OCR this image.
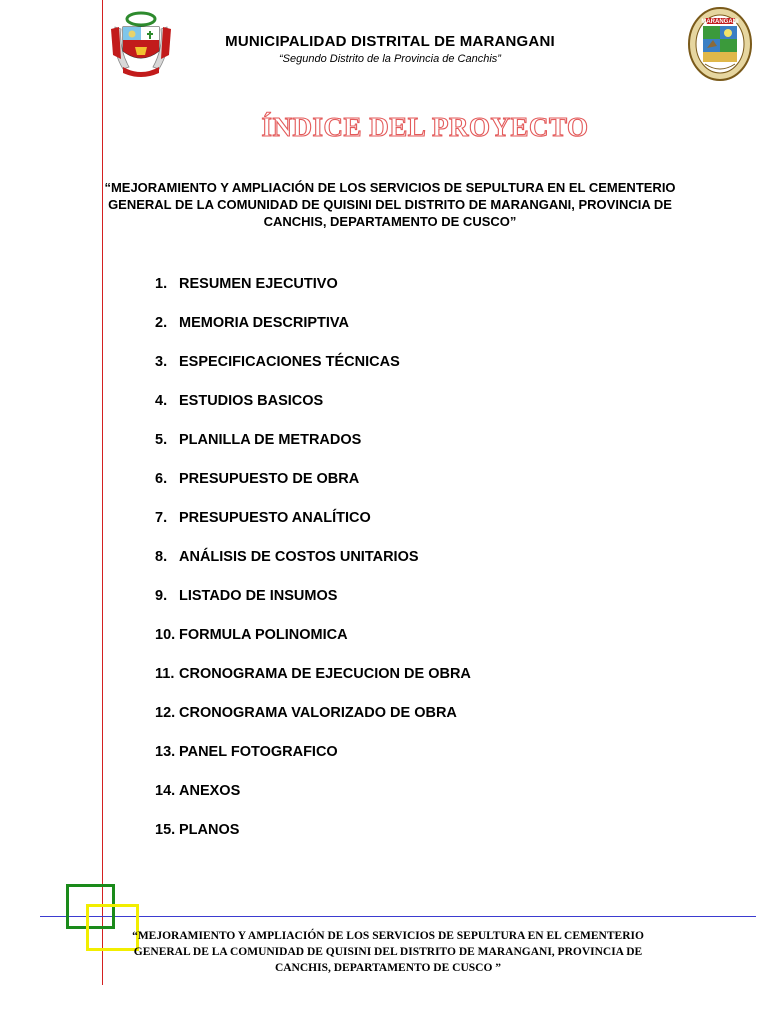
MARANGANI
MUNICIPALIDAD DISTRITAL DE MARANGANI
“Segundo Distrito de la Provincia de Canchis”
ÍNDICE DEL PROYECTO
“MEJORAMIENTO Y AMPLIACIÓN DE LOS SERVICIOS DE SEPULTURA EN EL CEMENTERIO GENERAL DE LA COMUNIDAD DE QUISINI DEL DISTRITO DE MARANGANI, PROVINCIA DE CANCHIS, DEPARTAMENTO DE CUSCO”
1. RESUMEN EJECUTIVO
2. MEMORIA DESCRIPTIVA
3. ESPECIFICACIONES TÉCNICAS
4. ESTUDIOS BASICOS
5. PLANILLA DE METRADOS
6. PRESUPUESTO DE OBRA
7. PRESUPUESTO ANALÍTICO
8. ANÁLISIS DE COSTOS UNITARIOS
9. LISTADO DE INSUMOS
10. FORMULA POLINOMICA
11. CRONOGRAMA DE EJECUCION DE OBRA
12. CRONOGRAMA VALORIZADO DE OBRA
13. PANEL FOTOGRAFICO
14. ANEXOS
15. PLANOS
“MEJORAMIENTO Y AMPLIACIÓN DE LOS SERVICIOS DE SEPULTURA EN EL CEMENTERIO GENERAL DE LA COMUNIDAD DE QUISINI DEL DISTRITO DE MARANGANI, PROVINCIA DE CANCHIS, DEPARTAMENTO DE CUSCO ”
